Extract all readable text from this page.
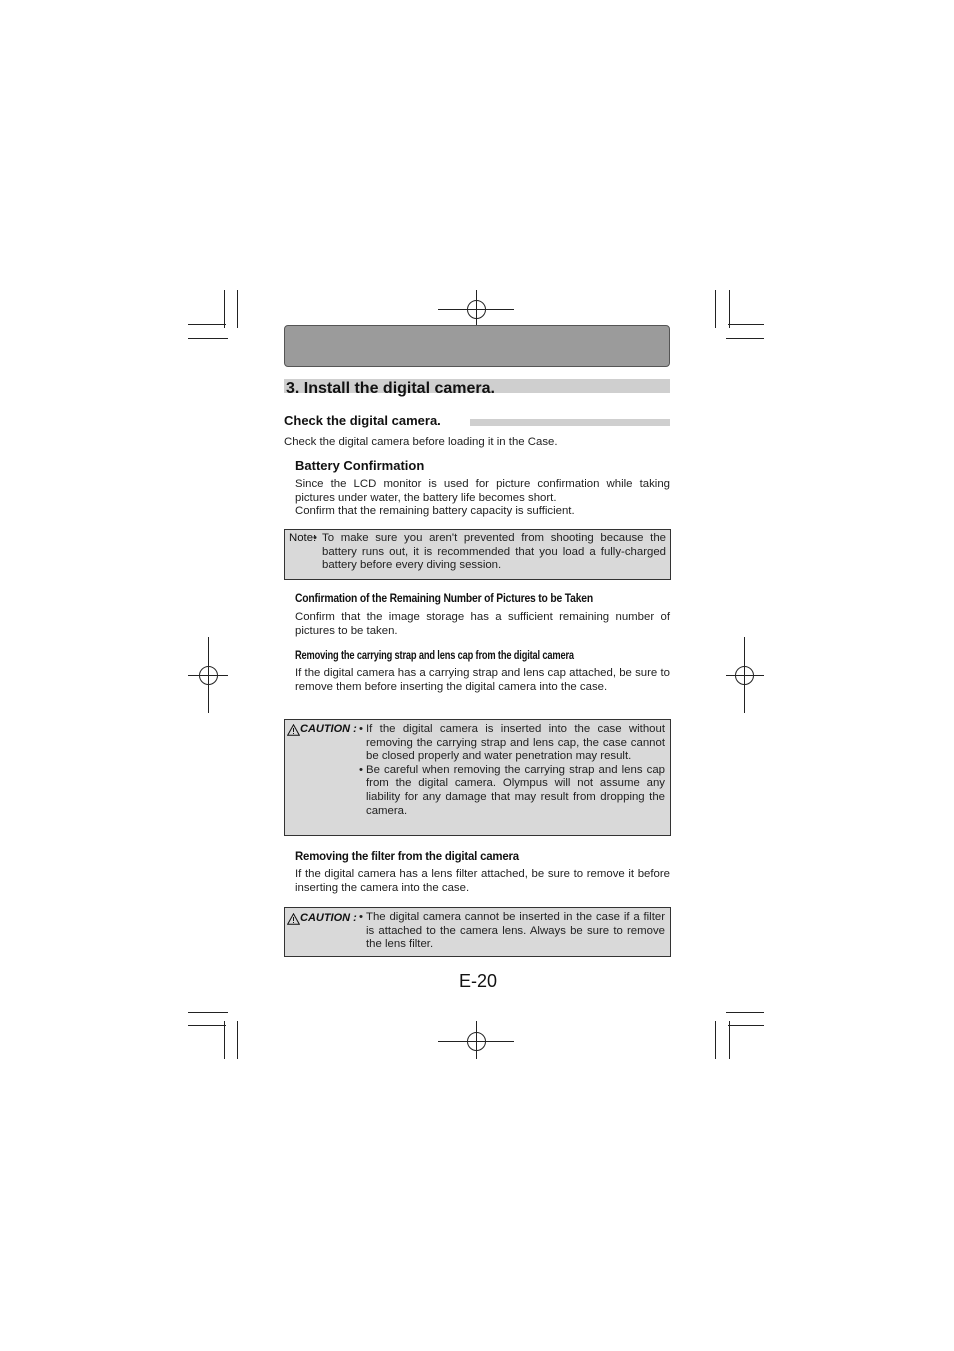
3. Install the digital camera.
Check the digital camera.
Check the digital camera before loading it in the Case.
Battery Confirmation
Since the LCD monitor is used for picture confirmation while taking pictures under water, the battery life becomes short.
Confirm that the remaining battery capacity is sufficient.
Note: • To make sure you aren't prevented from shooting because the battery runs out, it is recommended that you load a fully-charged battery before every diving session.
Confirmation of the Remaining Number of Pictures to be Taken
Confirm that the image storage has a sufficient remaining number of pictures to be taken.
Removing the carrying strap and lens cap from the digital camera
If the digital camera has a carrying strap and lens cap attached, be sure to remove them before inserting the digital camera into the case.
CAUTION : • If the digital camera is inserted into the case without removing the carrying strap and lens cap, the case cannot be closed properly and water penetration may result.
• Be careful when removing the carrying strap and lens cap from the digital camera. Olympus will not assume any liability for any damage that may result from dropping the camera.
Removing the filter from the digital camera
If the digital camera has a lens filter attached, be sure to remove it before inserting the camera into the case.
CAUTION : • The digital camera cannot be inserted in the case if a filter is attached to the camera lens. Always be sure to remove the lens filter.
E-20
